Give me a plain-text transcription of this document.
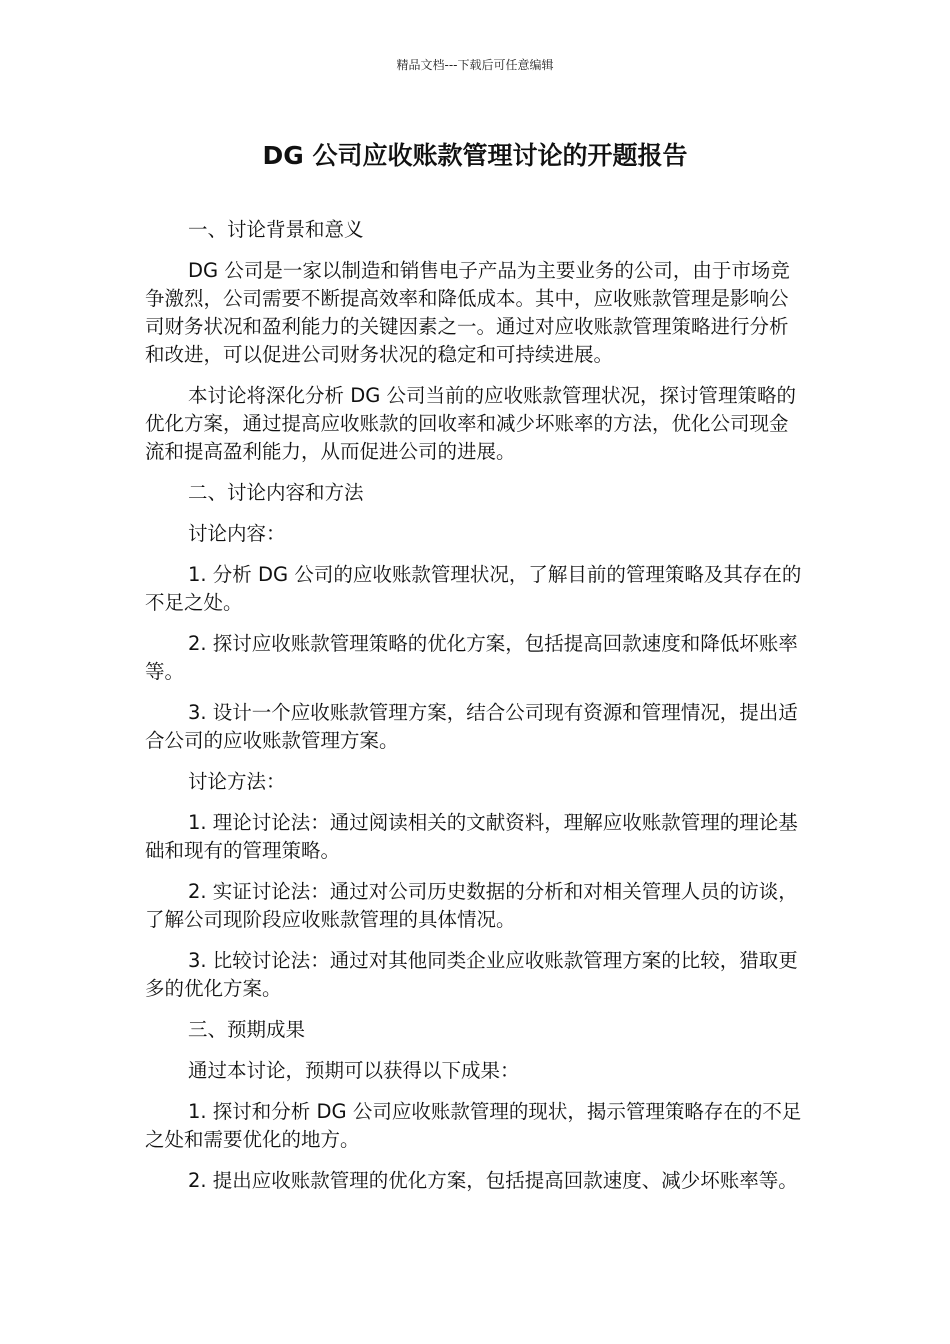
精品文档---下载后可任意编辑
DG 公司应收账款管理讨论的开题报告

一、讨论背景和意义

DG 公司是一家以制造和销售电子产品为主要业务的公司，由于市场竞争激烈，公司需要不断提高效率和降低成本。其中，应收账款管理是影响公司财务状况和盈利能力的关键因素之一。通过对应收账款管理策略进行分析和改进，可以促进公司财务状况的稳定和可持续进展。

本讨论将深化分析 DG 公司当前的应收账款管理状况，探讨管理策略的优化方案，通过提高应收账款的回收率和减少坏账率的方法，优化公司现金流和提高盈利能力，从而促进公司的进展。

二、讨论内容和方法

讨论内容：

1. 分析 DG 公司的应收账款管理状况，了解目前的管理策略及其存在的不足之处。

2. 探讨应收账款管理策略的优化方案，包括提高回款速度和降低坏账率等。

3. 设计一个应收账款管理方案，结合公司现有资源和管理情况，提出适合公司的应收账款管理方案。

讨论方法：

1. 理论讨论法：通过阅读相关的文献资料，理解应收账款管理的理论基础和现有的管理策略。

2. 实证讨论法：通过对公司历史数据的分析和对相关管理人员的访谈，了解公司现阶段应收账款管理的具体情况。

3. 比较讨论法：通过对其他同类企业应收账款管理方案的比较，猎取更多的优化方案。

三、预期成果

通过本讨论，预期可以获得以下成果：

1. 探讨和分析 DG 公司应收账款管理的现状，揭示管理策略存在的不足之处和需要优化的地方。

2. 提出应收账款管理的优化方案，包括提高回款速度、减少坏账率等。
